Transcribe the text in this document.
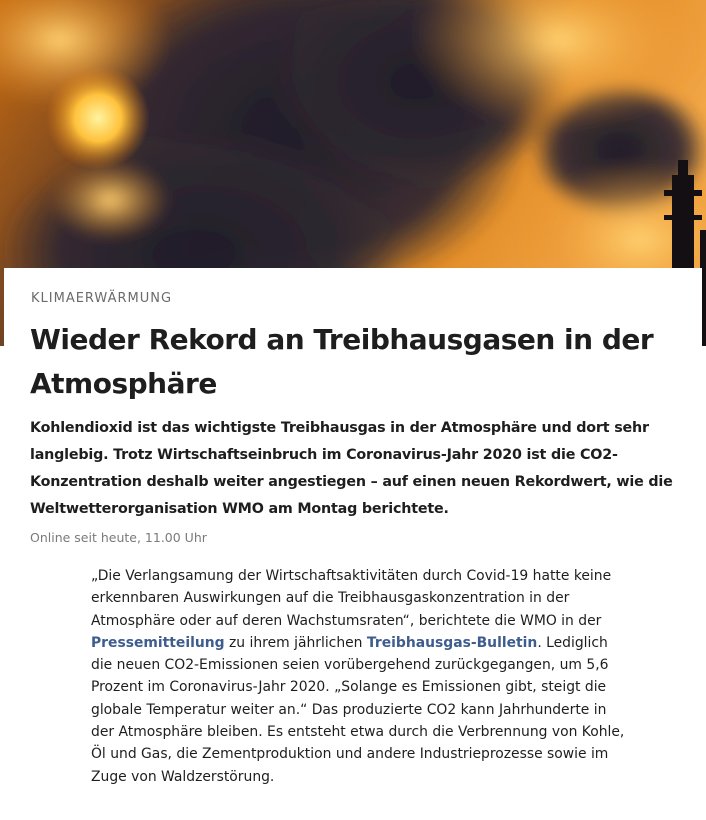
KLIMAERWÄRMUNG
Wieder Rekord an Treibhausgasen in der Atmosphäre

Kohlendioxid ist das wichtigste Treibhausgas in der Atmosphäre und dort sehr langlebig. Trotz Wirtschaftseinbruch im Coronavirus-Jahr 2020 ist die CO2-Konzentration deshalb weiter angestiegen – auf einen neuen Rekordwert, wie die Weltwetterorganisation WMO am Montag berichtete.

Online seit heute, 11.00 Uhr

„Die Verlangsamung der Wirtschaftsaktivitäten durch Covid-19 hatte keine erkennbaren Auswirkungen auf die Treibhausgaskonzentration in der Atmosphäre oder auf deren Wachstumsraten“, berichtete die WMO in der Pressemitteilung zu ihrem jährlichen Treibhausgas-Bulletin. Lediglich die neuen CO2-Emissionen seien vorübergehend zurückgegangen, um 5,6 Prozent im Coronavirus-Jahr 2020. „Solange es Emissionen gibt, steigt die globale Temperatur weiter an.“ Das produzierte CO2 kann Jahrhunderte in der Atmosphäre bleiben. Es entsteht etwa durch die Verbrennung von Kohle, Öl und Gas, die Zementproduktion und andere Industrieprozesse sowie im Zuge von Waldzerstörung.
